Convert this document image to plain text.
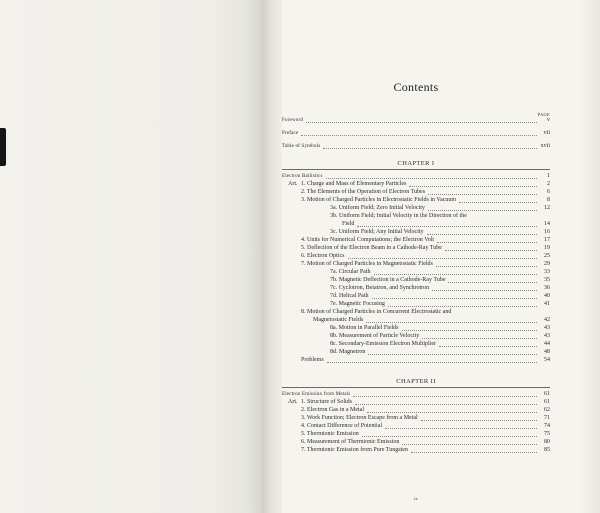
Contents
PAGE
Foreword	v
Preface	vii
Table of Symbols	xvii
CHAPTER I
Electron Ballistics	1
Art. 1. Charge and Mass of Elementary Particles	2
2. The Elements of the Operation of Electron Tubes	6
3. Motion of Charged Particles in Electrostatic Fields in Vacuum	8
3a. Uniform Field; Zero Initial Velocity	12
3b. Uniform Field; Initial Velocity in the Direction of the
Field	14
3c. Uniform Field; Any Initial Velocity	16
4. Units for Numerical Computations; the Electron Volt	17
5. Deflection of the Electron Beam in a Cathode-Ray Tube	19
6. Electron Optics	25
7. Motion of Charged Particles in Magnetostatic Fields	29
7a. Circular Path	33
7b. Magnetic Deflection in a Cathode-Ray Tube	35
7c. Cyclotron, Betatron, and Synchrotron	36
7d. Helical Path	40
7e. Magnetic Focusing	41
8. Motion of Charged Particles in Concurrent Electrostatic and
Magnetostatic Fields	42
8a. Motion in Parallel Fields	43
8b. Measurement of Particle Velocity	43
8c. Secondary-Emission Electron Multiplier	44
8d. Magnetron	48
Problems	54
CHAPTER II
Electron Emission from Metals	61
Art. 1. Structure of Solids	61
2. Electron Gas in a Metal	62
3. Work Function; Electron Escape from a Metal	71
4. Contact Difference of Potential	74
5. Thermionic Emission	75
6. Measurement of Thermionic Emission	80
7. Thermionic Emission from Pure Tungsten	85
ix
